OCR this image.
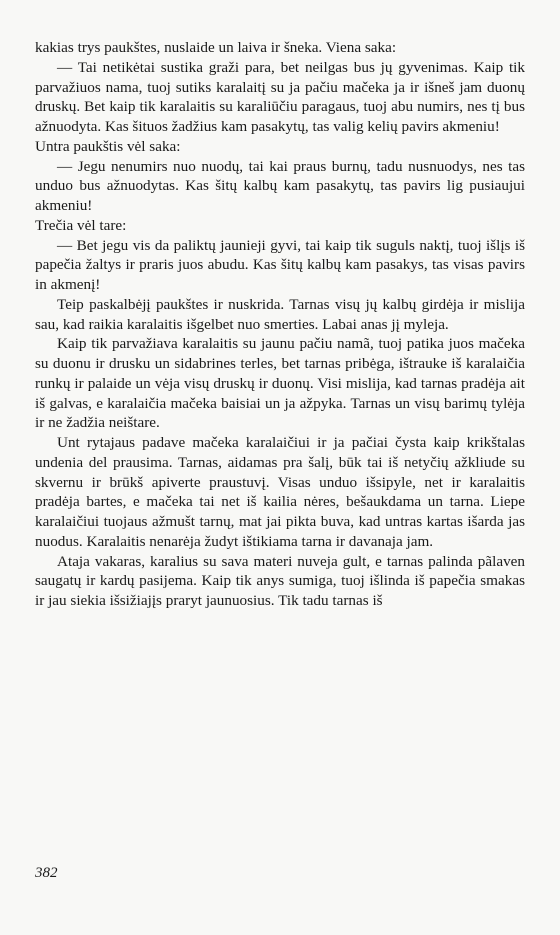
kakias trys paukštes, nuslaide un laiva ir šneka. Viena saka:

— Tai netikėtai sustika graži para, bet neilgas bus jų gyvenimas. Kaip tik parvažiuos nama, tuoj sutiks karalaitį su ja pačiu mačeka ja ir išneš jam duonų druskų. Bet kaip tik karalaitis su karaliūčiu paragaus, tuoj abu numirs, nes tį bus ažnuodyta. Kas šituos žadžius kam pasakytų, tas valig kelių pavirs akmeniu!

Untra paukštis vėl saka:

— Jegu nenumirs nuo nuodų, tai kai praus burnų, tadu nusnuodys, nes tas unduo bus ažnuodytas. Kas šitų kalbų kam pasakytų, tas pavirs lig pusiaujui akmeniu!

Trečia vėl tare:

— Bet jegu vis da paliktų jaunieji gyvi, tai kaip tik suguls naktį, tuoj išlįs iš papečia žaltys ir praris juos abudu. Kas šitų kalbų kam pasakys, tas visas pavirs in akmenį!

Teip paskalbėjį paukštes ir nuskrida. Tarnas visų jų kalbų girdėja ir mislija sau, kad raikia karalaitis išgelbet nuo smerties. Labai anas jį myleja.

Kaip tik parvažiava karalaitis su jaunu pačiu namã, tuoj patika juos mačeka su duonu ir drusku un sidabrines terles, bet tarnas pribėga, ištrauke iš karalaičia runkų ir palaide un vėja visų druskų ir duonų. Visi mislija, kad tarnas pradėja ait iš galvas, e karalaičia mačeka baisiai un ja ažpyka. Tarnas un visų barimų tylėja ir ne žadžia neištare.

Unt rytajaus padave mačeka karalaičiui ir ja pačiai čysta kaip krikštalas undenia del prausima. Tarnas, aidamas pra šalį, būk tai iš netyčių ažkliude su skvernu ir brūkš apiverte praustuvį. Visas unduo išsipyle, net ir karalaitis pradėja bartes, e mačeka tai net iš kailia nėres, bešaukdama un tarna. Liepe karalaičiui tuojaus ažmušt tarnų, mat jai pikta buva, kad untras kartas išarda jas nuodus. Karalaitis nenarėja žudyt ištikiama tarna ir davanaja jam.

Ataja vakaras, karalius su sava materi nuveja gult, e tarnas palinda pãlaven saugatų ir kardų pasijema. Kaip tik anys sumiga, tuoj išlinda iš papečia smakas ir jau siekia išsižiajįs praryt jaunuosius. Tik tadu tarnas iš

382
